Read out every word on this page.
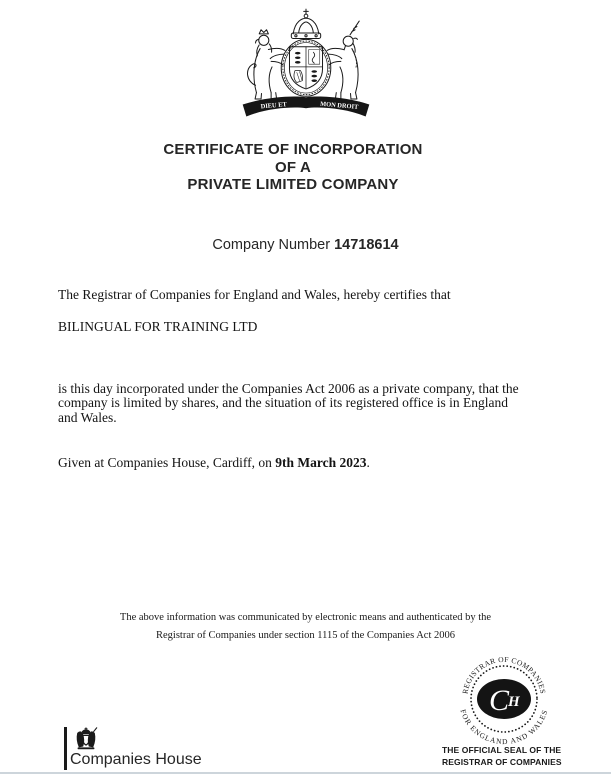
DIEU ET	MON DROIT
CERTIFICATE OF INCORPORATION
OF A
PRIVATE LIMITED COMPANY
Company Number 14718614
The Registrar of Companies for England and Wales, hereby certifies that
BILINGUAL FOR TRAINING LTD
is this day incorporated under the Companies Act 2006 as a private company, that the company is limited by shares, and the situation of its registered office is in England and Wales.
Given at Companies House, Cardiff, on 9th March 2023.
The above information was communicated by electronic means and authenticated by the
Registrar of Companies under section 1115 of the Companies Act 2006
REGISTRAR OF COMPANIES
FOR ENGLAND AND WALES
C
H
THE OFFICIAL SEAL OF THE
REGISTRAR OF COMPANIES
Companies House
